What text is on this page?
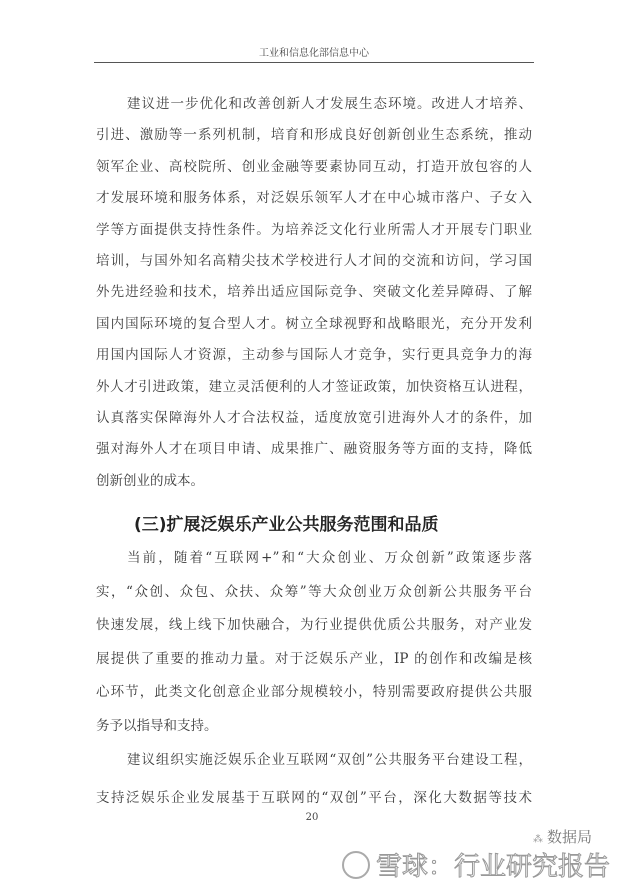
工业和信息化部信息中心
建议进一步优化和改善创新人才发展生态环境。改进人才培养、
引进、激励等一系列机制，培育和形成良好创新创业生态系统，推动
领军企业、高校院所、创业金融等要素协同互动，打造开放包容的人
才发展环境和服务体系，对泛娱乐领军人才在中心城市落户、子女入
学等方面提供支持性条件。为培养泛文化行业所需人才开展专门职业
培训，与国外知名高精尖技术学校进行人才间的交流和访问，学习国
外先进经验和技术，培养出适应国际竞争、突破文化差异障碍、了解
国内国际环境的复合型人才。树立全球视野和战略眼光，充分开发利
用国内国际人才资源，主动参与国际人才竞争，实行更具竞争力的海
外人才引进政策，建立灵活便利的人才签证政策，加快资格互认进程，
认真落实保障海外人才合法权益，适度放宽引进海外人才的条件，加
强对海外人才在项目申请、成果推广、融资服务等方面的支持，降低
创新创业的成本。
(三)扩展泛娱乐产业公共服务范围和品质
当前，随着“互联网+”和“大众创业、万众创新”政策逐步落
实，“众创、众包、众扶、众筹”等大众创业万众创新公共服务平台
快速发展，线上线下加快融合，为行业提供优质公共服务，对产业发
展提供了重要的推动力量。对于泛娱乐产业，IP 的创作和改编是核
心环节，此类文化创意企业部分规模较小，特别需要政府提供公共服
务予以指导和支持。
建议组织实施泛娱乐企业互联网“双创”公共服务平台建设工程，
支持泛娱乐企业发展基于互联网的“双创”平台，深化大数据等技术
20
⁂ 数据局
雪球：行业研究报告
